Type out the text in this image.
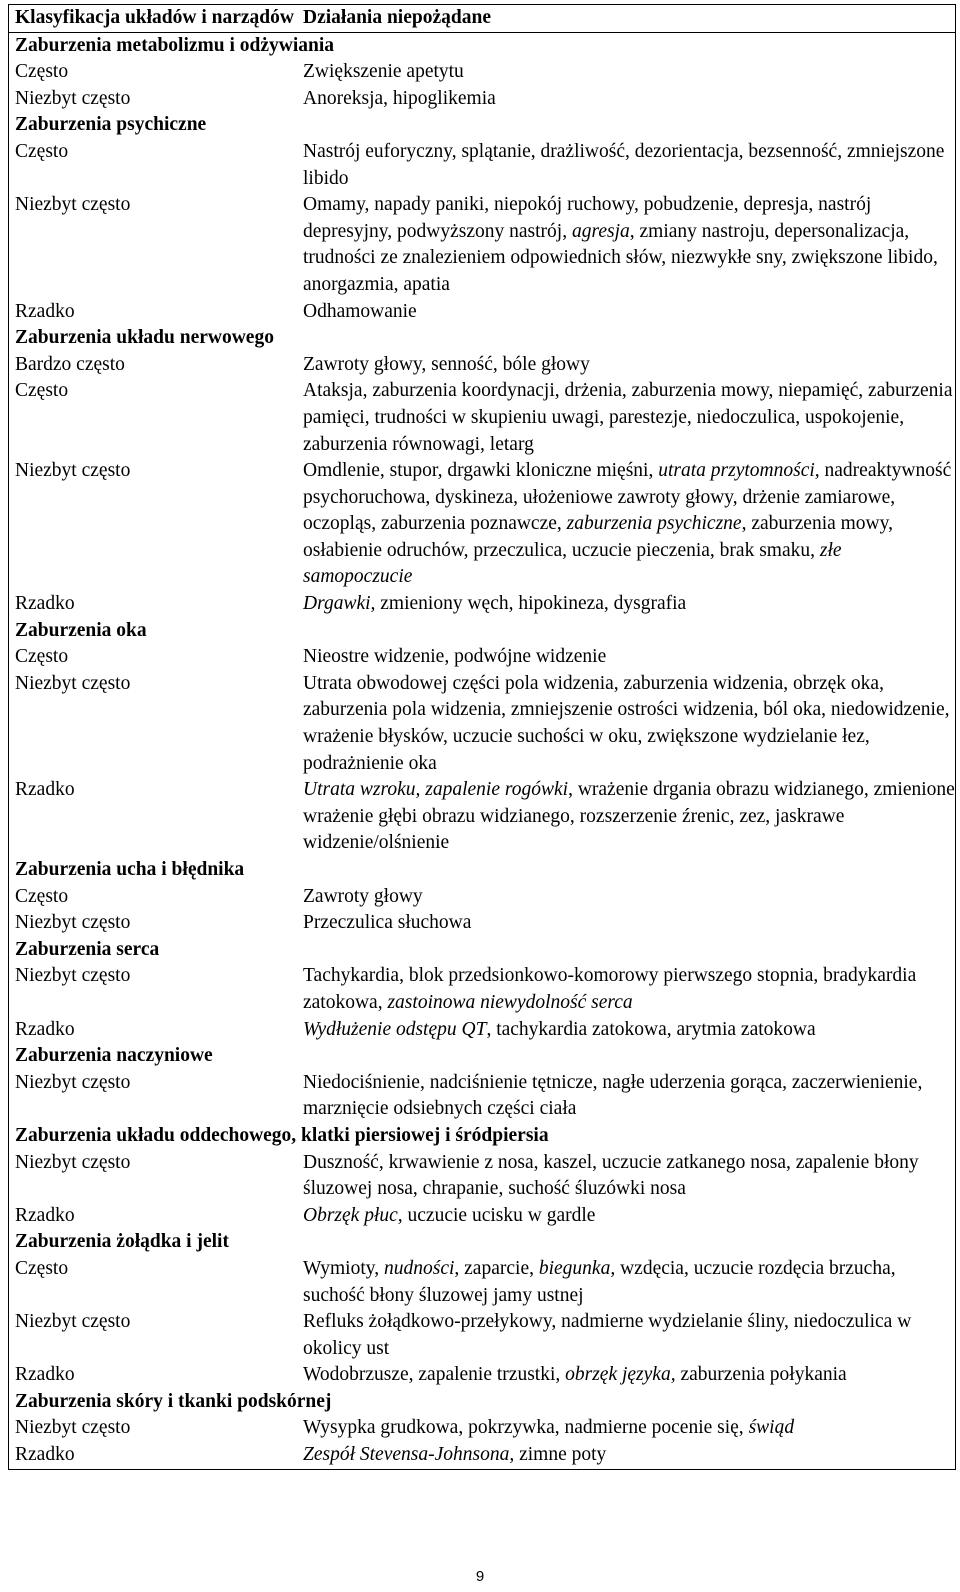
Klasyfikacja układów i narządów	Działania niepożądane
Zaburzenia metabolizmu i odżywiania	
Często	Zwiększenie apetytu
Niezbyt często	Anoreksja, hipoglikemia
Zaburzenia psychiczne	
Często	Nastrój euforyczny, splątanie, drażliwość, dezorientacja, bezsenność, zmniejszone libido
Niezbyt często	Omamy, napady paniki, niepokój ruchowy, pobudzenie, depresja, nastrój depresyjny, podwyższony nastrój, agresja, zmiany nastroju, depersonalizacja, trudności ze znalezieniem odpowiednich słów, niezwykłe sny, zwiększone libido, anorgazmia, apatia
Rzadko	Odhamowanie
Zaburzenia układu nerwowego	
Bardzo często	Zawroty głowy, senność, bóle głowy
Często	Ataksja, zaburzenia koordynacji, drżenia, zaburzenia mowy, niepamięć, zaburzenia pamięci, trudności w skupieniu uwagi, parestezje, niedoczulica, uspokojenie, zaburzenia równowagi, letarg
Niezbyt często	Omdlenie, stupor, drgawki kloniczne mięśni, utrata przytomności, nadreaktywność psychoruchowa, dyskineza, ułożeniowe zawroty głowy, drżenie zamiarowe, oczopląs, zaburzenia poznawcze, zaburzenia psychiczne, zaburzenia mowy, osłabienie odruchów, przeczulica, uczucie pieczenia, brak smaku, złe samopoczucie
Rzadko	Drgawki, zmieniony węch, hipokineza, dysgrafia
Zaburzenia oka	
Często	Nieostre widzenie, podwójne widzenie
Niezbyt często	Utrata obwodowej części pola widzenia, zaburzenia widzenia, obrzęk oka, zaburzenia pola widzenia, zmniejszenie ostrości widzenia, ból oka, niedowidzenie, wrażenie błysków, uczucie suchości w oku, zwiększone wydzielanie łez, podrażnienie oka
Rzadko	Utrata wzroku, zapalenie rogówki, wrażenie drgania obrazu widzianego, zmienione wrażenie głębi obrazu widzianego, rozszerzenie źrenic, zez, jaskrawe widzenie/olśnienie
Zaburzenia ucha i błędnika	
Często	Zawroty głowy
Niezbyt często	Przeczulica słuchowa
Zaburzenia serca	
Niezbyt często	Tachykardia, blok przedsionkowo-komorowy pierwszego stopnia, bradykardia zatokowa, zastoinowa niewydolność serca
Rzadko	Wydłużenie odstępu QT, tachykardia zatokowa, arytmia zatokowa
Zaburzenia naczyniowe	
Niezbyt często	Niedociśnienie, nadciśnienie tętnicze, nagłe uderzenia gorąca, zaczerwienienie, marznięcie odsiebnych części ciała
Zaburzenia układu oddechowego, klatki piersiowej i śródpiersia	
Niezbyt często	Duszność, krwawienie z nosa, kaszel, uczucie zatkanego nosa, zapalenie błony śluzowej nosa, chrapanie, suchość śluzówki nosa
Rzadko	Obrzęk płuc, uczucie ucisku w gardle
Zaburzenia żołądka i jelit	
Często	Wymioty, nudności, zaparcie, biegunka, wzdęcia, uczucie rozdęcia brzucha, suchość błony śluzowej jamy ustnej
Niezbyt często	Refluks żołądkowo-przełykowy, nadmierne wydzielanie śliny, niedoczulica w okolicy ust
Rzadko	Wodobrzusze, zapalenie trzustki, obrzęk języka, zaburzenia połykania
Zaburzenia skóry i tkanki podskórnej	
Niezbyt często	Wysypka grudkowa, pokrzywka, nadmierne pocenie się, świąd
Rzadko	Zespół Stevensa-Johnsona, zimne poty
9
